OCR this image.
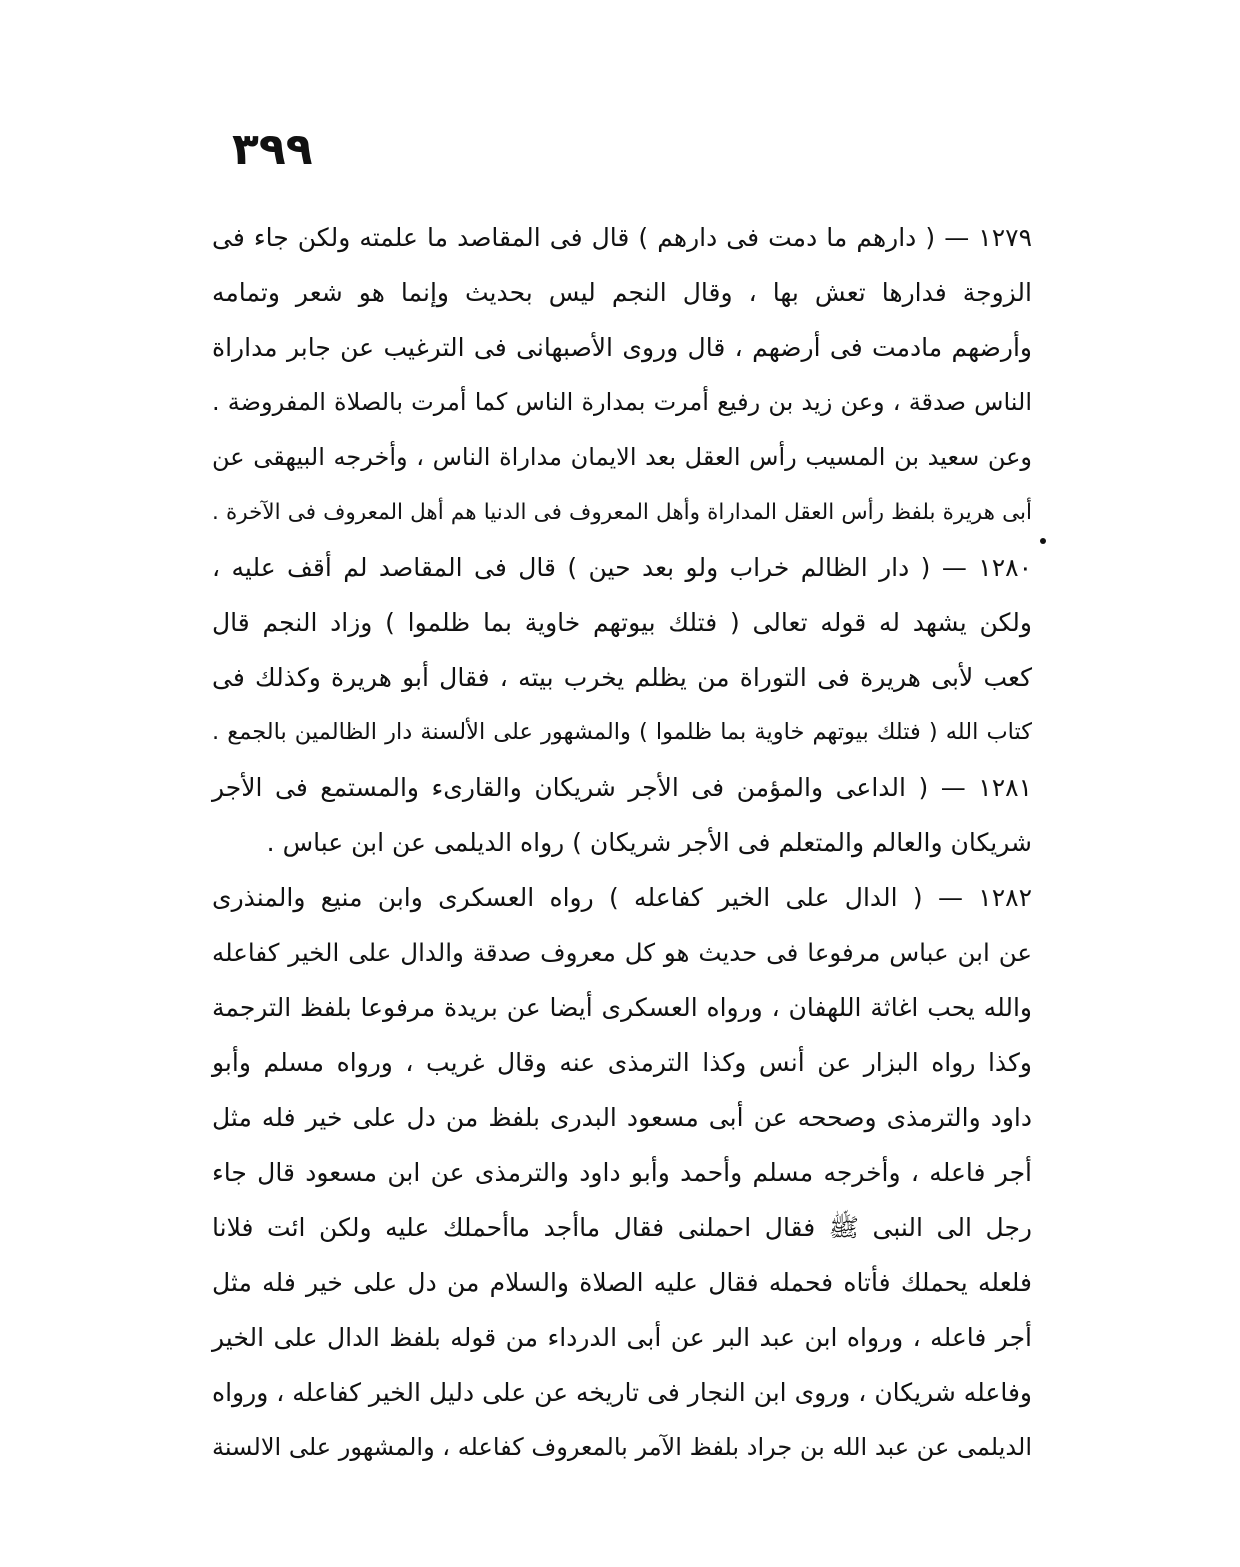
٣٩٩
١٢٧٩ — ( دارهم ما دمت فى دارهم ) قال فى المقاصد ما علمته ولكن جاء فى
الزوجة فدارها تعش بها ، وقال النجم ليس بحديث وإنما هو شعر وتمامه
وأرضهم مادمت فى أرضهم ، قال وروى الأصبهانى فى الترغيب عن جابر مداراة
الناس صدقة ، وعن زيد بن رفيع أمرت بمدارة الناس كما أمرت بالصلاة المفروضة .
وعن سعيد بن المسيب رأس العقل بعد الايمان مداراة الناس ، وأخرجه البيهقى عن
أبى هريرة بلفظ رأس العقل المداراة وأهل المعروف فى الدنيا هم أهل المعروف فى الآخرة .
١٢٨٠ — ( دار الظالم خراب ولو بعد حين ) قال فى المقاصد لم أقف عليه ،
ولكن يشهد له قوله تعالى ( فتلك بيوتهم خاوية بما ظلموا ) وزاد النجم قال
كعب لأبى هريرة فى التوراة من يظلم يخرب بيته ، فقال أبو هريرة وكذلك فى
كتاب الله ( فتلك بيوتهم خاوية بما ظلموا ) والمشهور على الألسنة دار الظالمين بالجمع .
١٢٨١ — ( الداعى والمؤمن فى الأجر شريكان والقارىء والمستمع فى الأجر
شريكان والعالم والمتعلم فى الأجر شريكان ) رواه الديلمى عن ابن عباس .
١٢٨٢ — ( الدال على الخير كفاعله ) رواه العسكرى وابن منيع والمنذرى
عن ابن عباس مرفوعا فى حديث هو كل معروف صدقة والدال على الخير كفاعله
والله يحب اغاثة اللهفان ، ورواه العسكرى أيضا عن بريدة مرفوعا بلفظ الترجمة
وكذا رواه البزار عن أنس وكذا الترمذى عنه وقال غريب ، ورواه مسلم وأبو
داود والترمذى وصححه عن أبى مسعود البدرى بلفظ من دل على خير فله مثل
أجر فاعله ، وأخرجه مسلم وأحمد وأبو داود والترمذى عن ابن مسعود قال جاء
رجل الى النبى ﷺ فقال احملنى فقال ماأجد ماأحملك عليه ولكن ائت فلانا
فلعله يحملك فأتاه فحمله فقال عليه الصلاة والسلام من دل على خير فله مثل
أجر فاعله ، ورواه ابن عبد البر عن أبى الدرداء من قوله بلفظ الدال على الخير
وفاعله شريكان ، وروى ابن النجار فى تاريخه عن على دليل الخير كفاعله ، ورواه
الديلمى عن عبد الله بن جراد بلفظ الآمر بالمعروف كفاعله ، والمشهور على الالسنة
